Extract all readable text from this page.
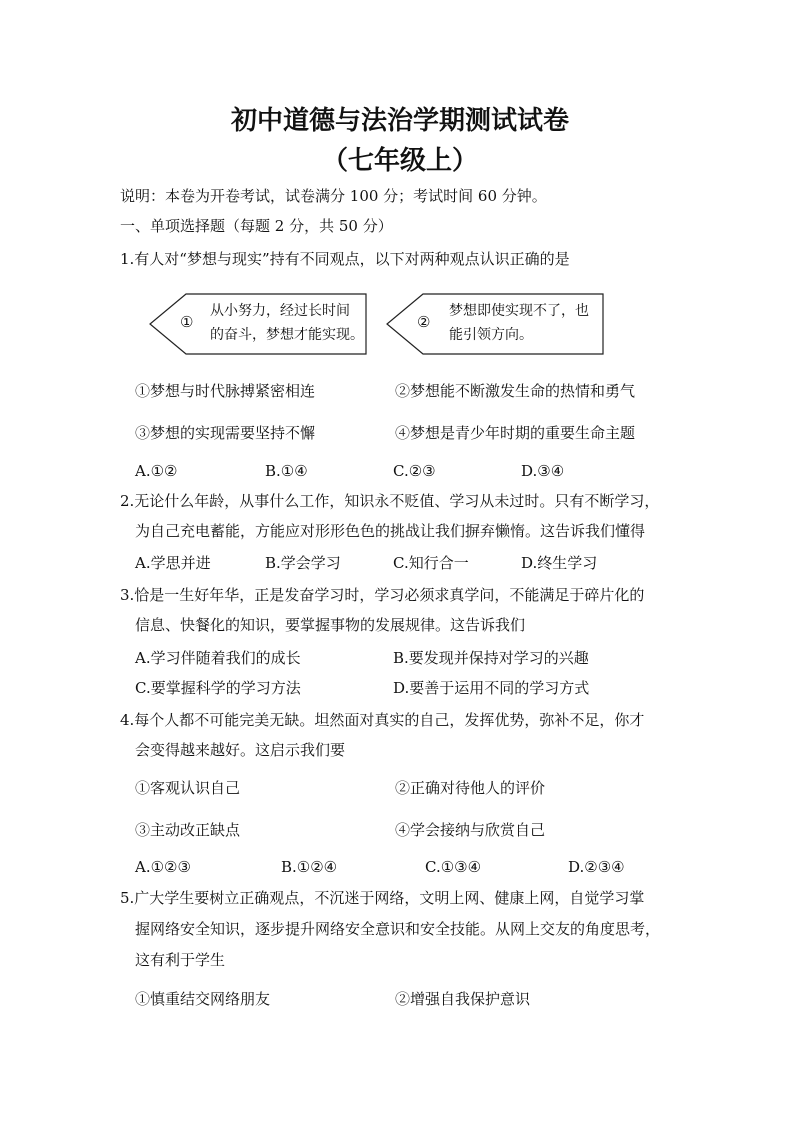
初中道德与法治学期测试试卷
（七年级上）
说明：本卷为开卷考试，试卷满分 100 分；考试时间 60 分钟。
一、单项选择题（每题 2 分，共 50 分）
1.有人对“梦想与现实”持有不同观点，以下对两种观点认识正确的是
①
从小努力，经过长时间
的奋斗，梦想才能实现。
②
梦想即使实现不了，也
能引领方向。
①梦想与时代脉搏紧密相连	②梦想能不断激发生命的热情和勇气
③梦想的实现需要坚持不懈	④梦想是青少年时期的重要生命主题
A.①②	B.①④	C.②③	D.③④
2.无论什么年龄，从事什么工作，知识永不贬值、学习从未过时。只有不断学习，
为自己充电蓄能，方能应对形形色色的挑战让我们摒弃懒惰。这告诉我们懂得
A.学思并进	B.学会学习	C.知行合一	D.终生学习
3.恰是一生好年华，正是发奋学习时，学习必须求真学问，不能满足于碎片化的
信息、快餐化的知识，要掌握事物的发展规律。这告诉我们
A.学习伴随着我们的成长	B.要发现并保持对学习的兴趣
C.要掌握科学的学习方法	D.要善于运用不同的学习方式
4.每个人都不可能完美无缺。坦然面对真实的自己，发挥优势，弥补不足，你才
会变得越来越好。这启示我们要
①客观认识自己	②正确对待他人的评价
③主动改正缺点	④学会接纳与欣赏自己
A.①②③	B.①②④	C.①③④	D.②③④
5.广大学生要树立正确观点，不沉迷于网络，文明上网、健康上网，自觉学习掌
握网络安全知识，逐步提升网络安全意识和安全技能。从网上交友的角度思考，
这有利于学生
①慎重结交网络朋友	②增强自我保护意识
